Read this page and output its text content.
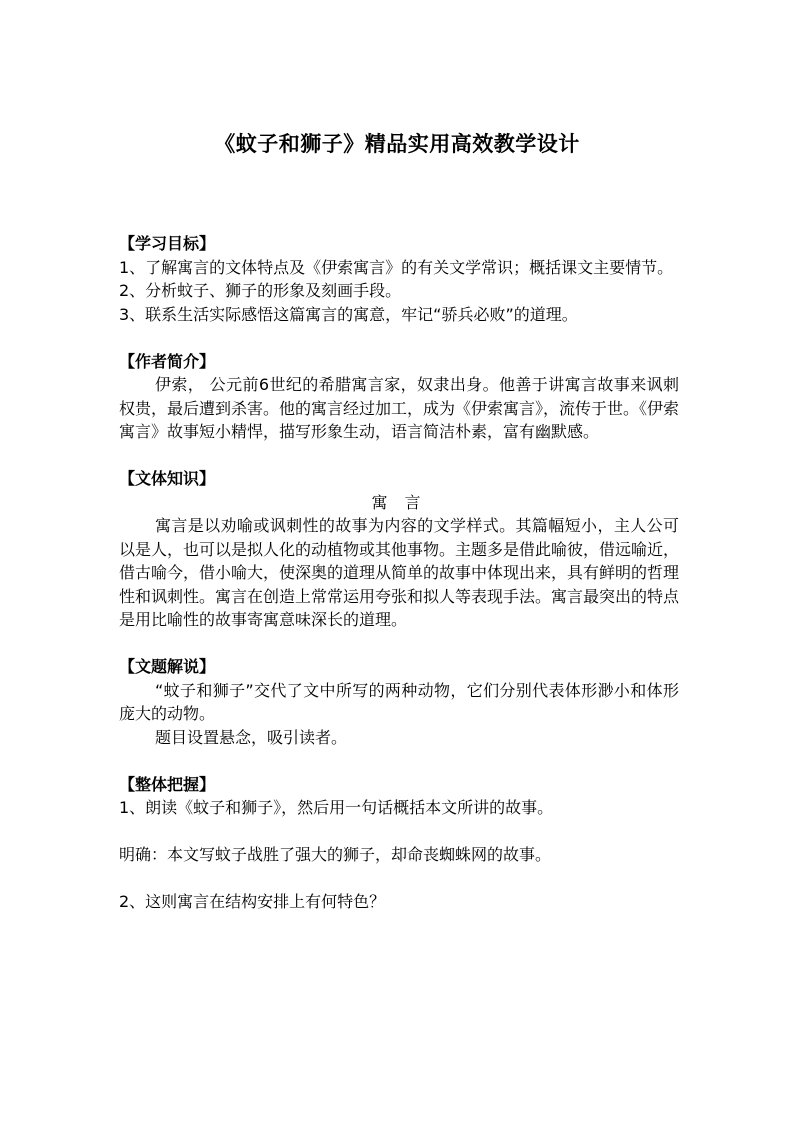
《蚊子和狮子》精品实用高效教学设计

【学习目标】

1、了解寓言的文体特点及《伊索寓言》的有关文学常识；概括课文主要情节。

2、分析蚊子、狮子的形象及刻画手段。

3、联系生活实际感悟这篇寓言的寓意，牢记“骄兵必败”的道理。

【作者简介】

伊索， 公元前6世纪的希腊寓言家，奴隶出身。他善于讲寓言故事来讽刺权贵，最后遭到杀害。他的寓言经过加工，成为《伊索寓言》，流传于世。《伊索寓言》故事短小精悍，描写形象生动，语言简洁朴素，富有幽默感。

【文体知识】

寓 言

寓言是以劝喻或讽刺性的故事为内容的文学样式。其篇幅短小，主人公可以是人，也可以是拟人化的动植物或其他事物。主题多是借此喻彼，借远喻近，借古喻今，借小喻大，使深奥的道理从简单的故事中体现出来，具有鲜明的哲理性和讽刺性。寓言在创造上常常运用夸张和拟人等表现手法。寓言最突出的特点是用比喻性的故事寄寓意味深长的道理。

【文题解说】

“蚊子和狮子”交代了文中所写的两种动物，它们分别代表体形渺小和体形庞大的动物。

题目设置悬念，吸引读者。

【整体把握】

1、朗读《蚊子和狮子》，然后用一句话概括本文所讲的故事。

明确：本文写蚊子战胜了强大的狮子，却命丧蜘蛛网的故事。

2、这则寓言在结构安排上有何特色？
